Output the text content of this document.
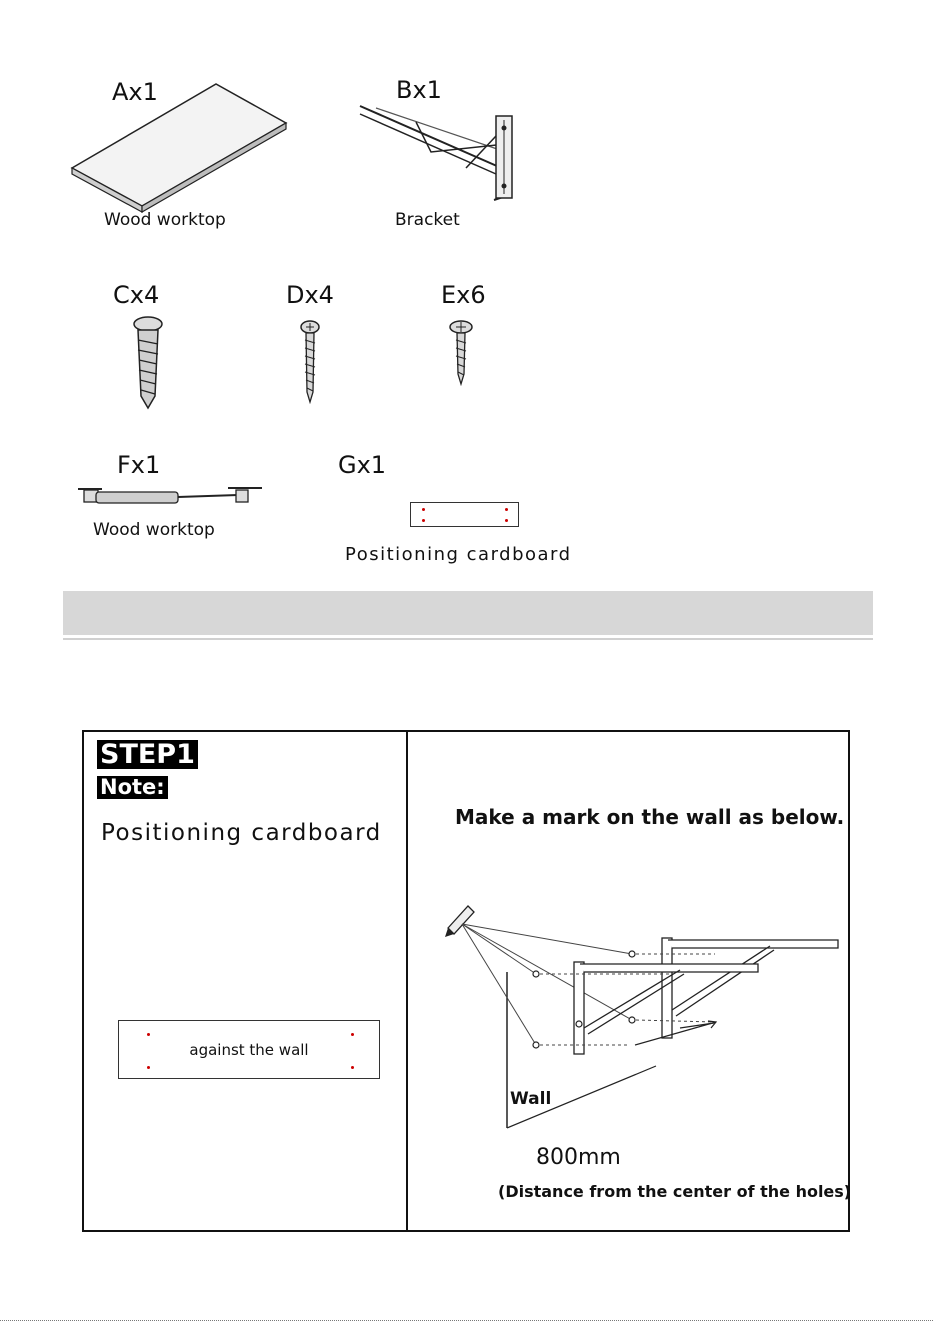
Ax1
Wood worktop
Bx1
Bracket
Cx4	Dx4	Ex6
Fx1
Wood worktop
Gx1
Positioning cardboard
STEP1
Note:
Positioning cardboard
against the wall
Make a mark on the wall as below.
Wall
800mm
(Distance from the center of the holes)
